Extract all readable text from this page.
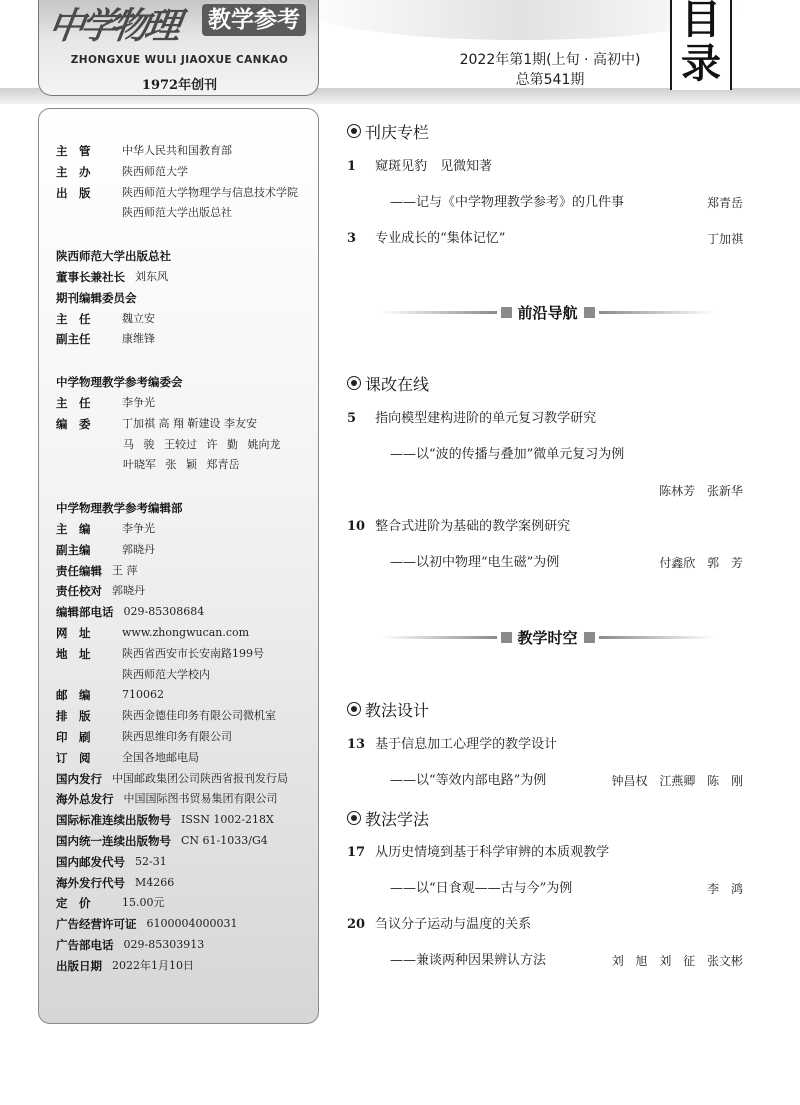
中学物理 教学参考
ZHONGXUE WULI JIAOXUE CANKAO
1972年创刊
2022年第1期(上旬 · 高初中)
总第541期
目
录
主　管	中华人民共和国教育部
主　办	陕西师范大学
出　版	陕西师范大学物理学与信息技术学院
陕西师范大学出版总社
陕西师范大学出版总社
董事长兼社长 刘东风
期刊编辑委员会
主　任	魏立安
副主任	康维锋
中学物理教学参考编委会
主　任	李争光
编　委	丁加祺 高 翔 靳建设 李友安
马 骏 王较过 许 勤 姚向龙
叶晓军 张 颖 郑青岳
中学物理教学参考编辑部
主　编	李争光
副主编	郭晓丹
责任编辑 王 萍
责任校对 郭晓丹
编辑部电话 029-85308684
网　址	www.zhongwucan.com
地　址	陕西省西安市长安南路199号
陕西师范大学校内
邮　编	710062
排　版	陕西金德佳印务有限公司微机室
印　刷	陕西思维印务有限公司
订　阅	全国各地邮电局
国内发行 中国邮政集团公司陕西省报刊发行局
海外总发行 中国国际图书贸易集团有限公司
国际标准连续出版物号 ISSN 1002-218X
国内统一连续出版物号 CN 61-1033/G4
国内邮发代号 52-31
海外发行代号 M4266
定　价	15.00元
广告经营许可证 6100004000031
广告部电话 029-85303913
出版日期 2022年1月10日
刊庆专栏
1 窥斑见豹　见微知著
——记与《中学物理教学参考》的几件事	郑青岳
3 专业成长的“集体记忆”	丁加祺
前沿导航
课改在线
5 指向模型建构进阶的单元复习教学研究
——以“波的传播与叠加”微单元复习为例
陈林芳 张新华
10 整合式进阶为基础的教学案例研究
——以初中物理“电生磁”为例	付鑫欣 郭 芳
教学时空
教法设计
13 基于信息加工心理学的教学设计
——以“等效内部电路”为例	钟昌权 江燕卿 陈 刚
教法学法
17 从历史情境到基于科学审辨的本质观教学
——以“日食观——古与今”为例	李 鸿
20 刍议分子运动与温度的关系
——兼谈两种因果辨认方法	刘 旭 刘 征 张文彬
